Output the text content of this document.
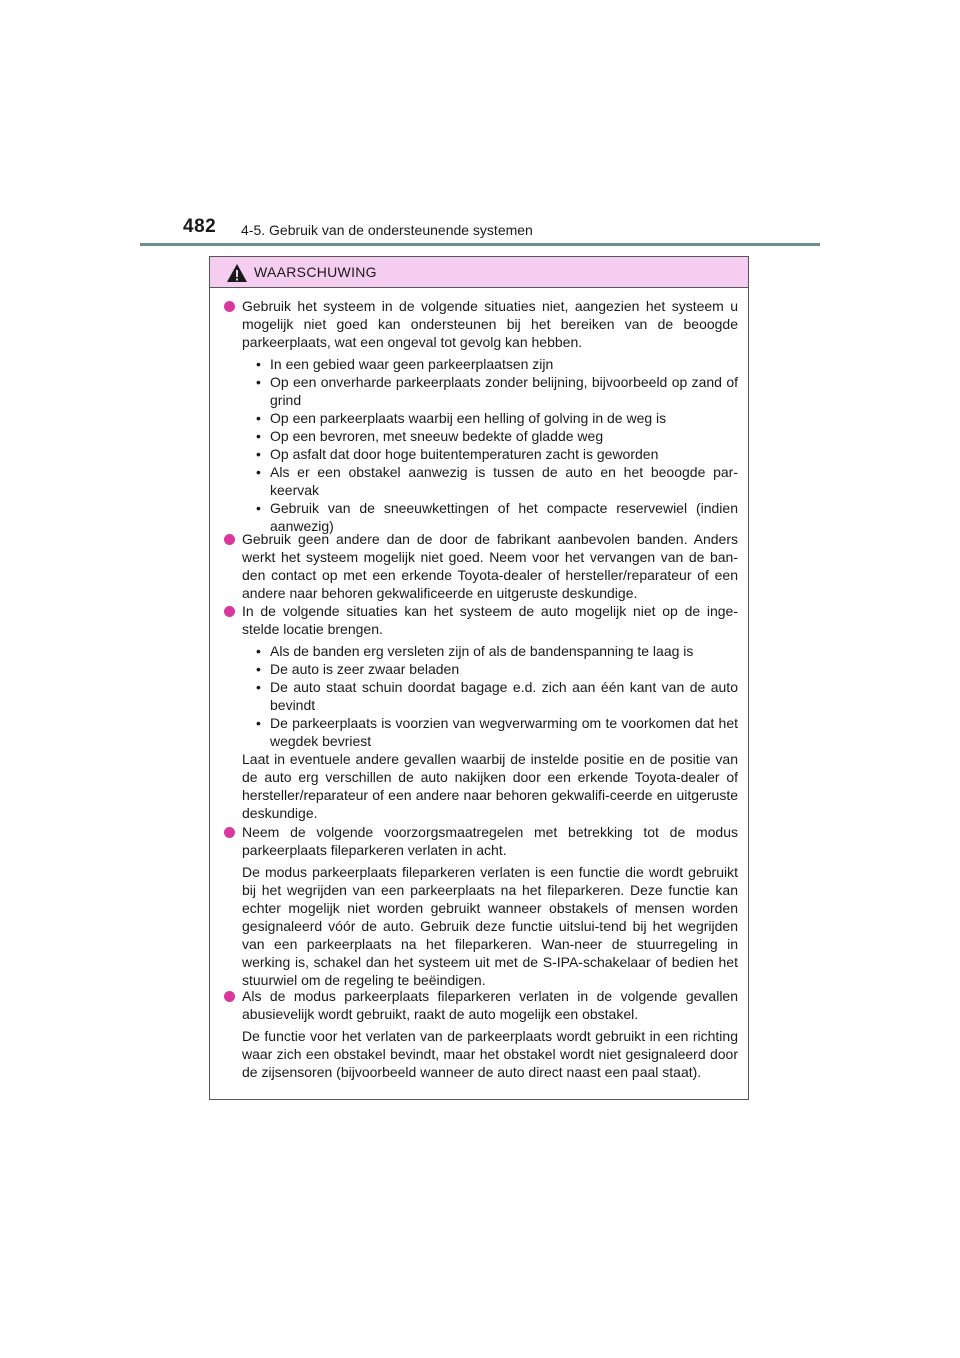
482 4-5. Gebruik van de ondersteunende systemen
WAARSCHUWING

Gebruik het systeem in de volgende situaties niet, aangezien het systeem u mogelijk niet goed kan ondersteunen bij het bereiken van de beoogde parkeerplaats, wat een ongeval tot gevolg kan hebben.

• In een gebied waar geen parkeerplaatsen zijn

• Op een onverharde parkeerplaats zonder belijning, bijvoorbeeld op zand of grind

• Op een parkeerplaats waarbij een helling of golving in de weg is

• Op een bevroren, met sneeuw bedekte of gladde weg

• Op asfalt dat door hoge buitentemperaturen zacht is geworden

• Als er een obstakel aanwezig is tussen de auto en het beoogde par-keervak

• Gebruik van de sneeuwkettingen of het compacte reservewiel (indien aanwezig)

Gebruik geen andere dan de door de fabrikant aanbevolen banden. Anders werkt het systeem mogelijk niet goed. Neem voor het vervangen van de ban-den contact op met een erkende Toyota-dealer of hersteller/reparateur of een andere naar behoren gekwalificeerde en uitgeruste deskundige.

In de volgende situaties kan het systeem de auto mogelijk niet op de inge-stelde locatie brengen.

• Als de banden erg versleten zijn of als de bandenspanning te laag is

• De auto is zeer zwaar beladen

• De auto staat schuin doordat bagage e.d. zich aan één kant van de auto bevindt

• De parkeerplaats is voorzien van wegverwarming om te voorkomen dat het wegdek bevriest

Laat in eventuele andere gevallen waarbij de instelde positie en de positie van de auto erg verschillen de auto nakijken door een erkende Toyota-dealer of hersteller/reparateur of een andere naar behoren gekwalifi-ceerde en uitgeruste deskundige.

Neem de volgende voorzorgsmaatregelen met betrekking tot de modus parkeerplaats fileparkeren verlaten in acht.

De modus parkeerplaats fileparkeren verlaten is een functie die wordt gebruikt bij het wegrijden van een parkeerplaats na het fileparkeren. Deze functie kan echter mogelijk niet worden gebruikt wanneer obstakels of mensen worden gesignaleerd vóór de auto. Gebruik deze functie uitslui-tend bij het wegrijden van een parkeerplaats na het fileparkeren. Wan-neer de stuurregeling in werking is, schakel dan het systeem uit met de S-IPA-schakelaar of bedien het stuurwiel om de regeling te beëindigen.

Als de modus parkeerplaats fileparkeren verlaten in de volgende gevallen abusievelijk wordt gebruikt, raakt de auto mogelijk een obstakel.

De functie voor het verlaten van de parkeerplaats wordt gebruikt in een richting waar zich een obstakel bevindt, maar het obstakel wordt niet gesignaleerd door de zijsensoren (bijvoorbeeld wanneer de auto direct naast een paal staat).
